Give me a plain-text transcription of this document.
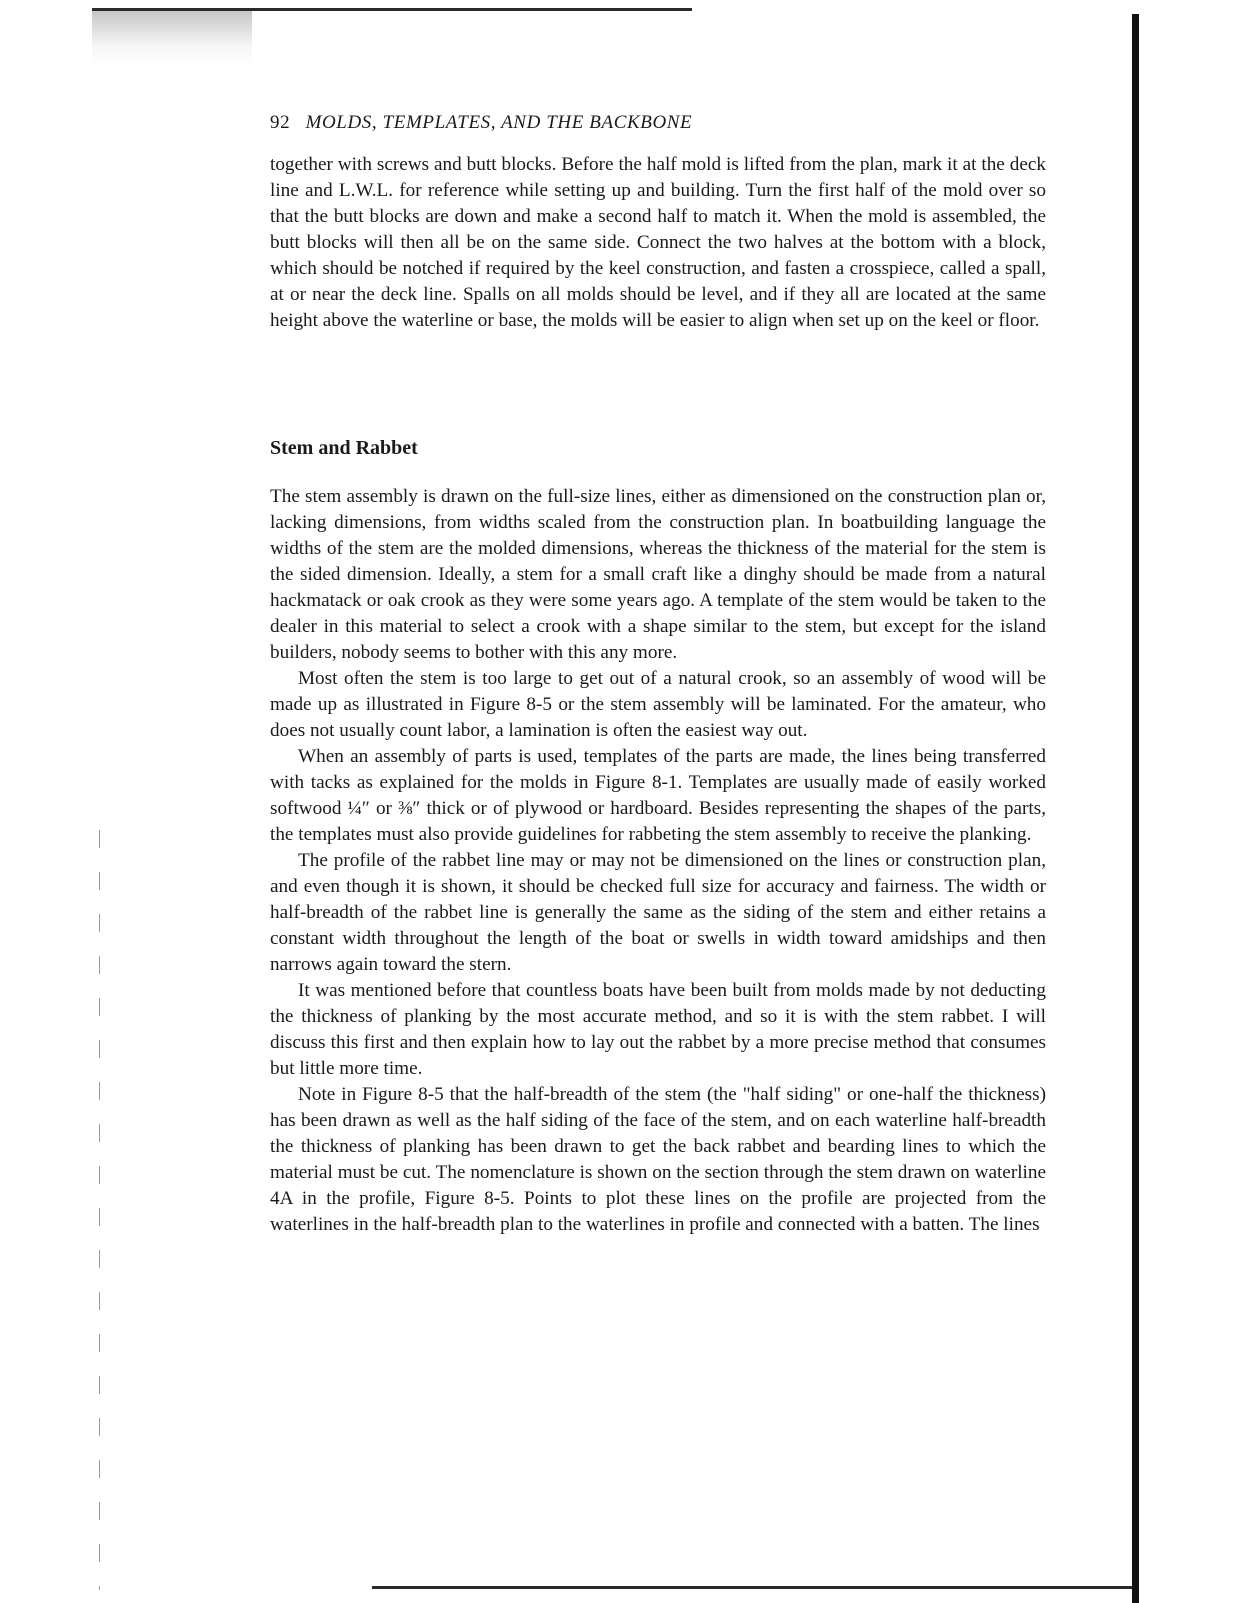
92 MOLDS, TEMPLATES, AND THE BACKBONE

together with screws and butt blocks. Before the half mold is lifted from the plan, mark it at the deck line and L.W.L. for reference while setting up and building. Turn the first half of the mold over so that the butt blocks are down and make a second half to match it. When the mold is assembled, the butt blocks will then all be on the same side. Connect the two halves at the bottom with a block, which should be notched if required by the keel construction, and fasten a crosspiece, called a spall, at or near the deck line. Spalls on all molds should be level, and if they all are located at the same height above the waterline or base, the molds will be easier to align when set up on the keel or floor.

Stem and Rabbet

The stem assembly is drawn on the full-size lines, either as dimensioned on the construction plan or, lacking dimensions, from widths scaled from the construction plan. In boatbuilding language the widths of the stem are the molded dimensions, whereas the thickness of the material for the stem is the sided dimension. Ideally, a stem for a small craft like a dinghy should be made from a natural hackmatack or oak crook as they were some years ago. A template of the stem would be taken to the dealer in this material to select a crook with a shape similar to the stem, but except for the island builders, nobody seems to bother with this any more.

Most often the stem is too large to get out of a natural crook, so an assembly of wood will be made up as illustrated in Figure 8-5 or the stem assembly will be laminated. For the amateur, who does not usually count labor, a lamination is often the easiest way out.

When an assembly of parts is used, templates of the parts are made, the lines being transferred with tacks as explained for the molds in Figure 8-1. Templates are usually made of easily worked softwood ¼″ or ⅜″ thick or of plywood or hardboard. Besides representing the shapes of the parts, the templates must also provide guidelines for rabbeting the stem assembly to receive the planking.

The profile of the rabbet line may or may not be dimensioned on the lines or construction plan, and even though it is shown, it should be checked full size for accuracy and fairness. The width or half-breadth of the rabbet line is generally the same as the siding of the stem and either retains a constant width throughout the length of the boat or swells in width toward amidships and then narrows again toward the stern.

It was mentioned before that countless boats have been built from molds made by not deducting the thickness of planking by the most accurate method, and so it is with the stem rabbet. I will discuss this first and then explain how to lay out the rabbet by a more precise method that consumes but little more time.

Note in Figure 8-5 that the half-breadth of the stem (the "half siding" or one-half the thickness) has been drawn as well as the half siding of the face of the stem, and on each waterline half-breadth the thickness of planking has been drawn to get the back rabbet and bearding lines to which the material must be cut. The nomenclature is shown on the section through the stem drawn on waterline 4A in the profile, Figure 8-5. Points to plot these lines on the profile are projected from the waterlines in the half-breadth plan to the waterlines in profile and connected with a batten. The lines
